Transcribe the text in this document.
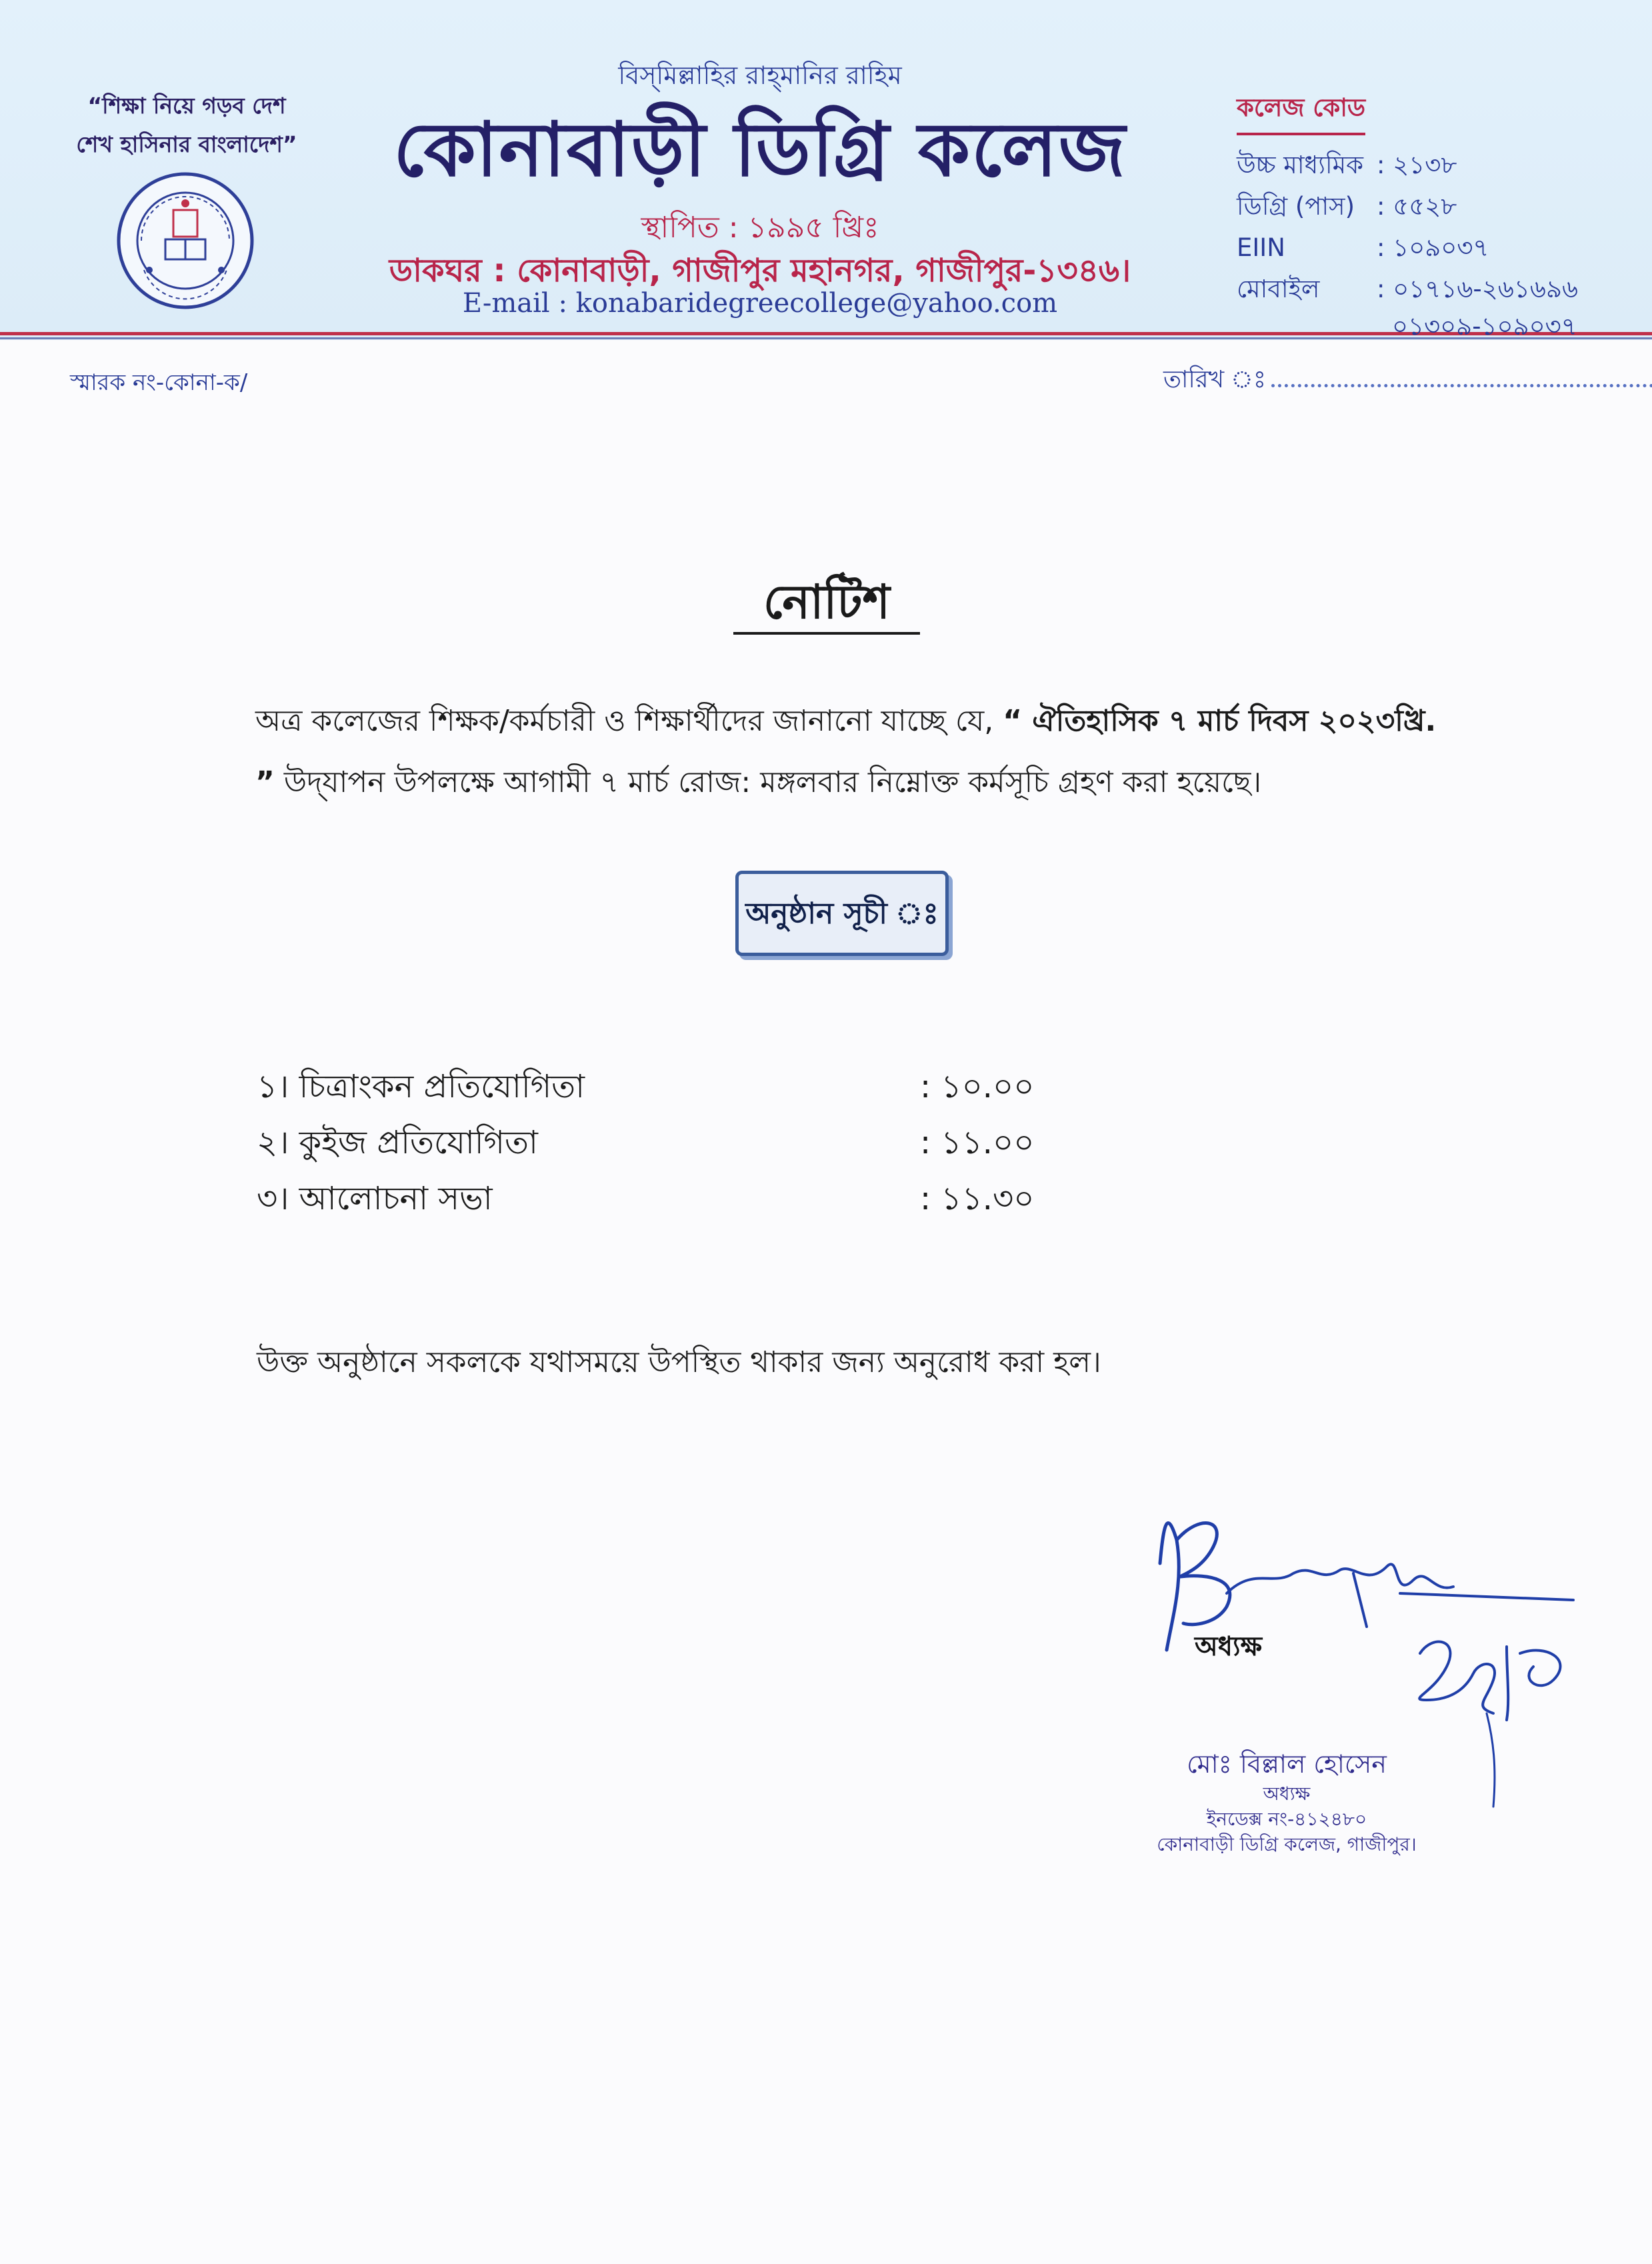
“শিক্ষা নিয়ে গড়ব দেশ
শেখ হাসিনার বাংলাদেশ”
বিস্‌মিল্লাহির রাহ্‌মানির রাহিম
কোনাবাড়ী ডিগ্রি কলেজ
স্থাপিত : ১৯৯৫ খ্রিঃ
ডাকঘর : কোনাবাড়ী, গাজীপুর মহানগর, গাজীপুর-১৩৪৬।
E-mail : konabaridegreecollege@yahoo.com
কলেজ কোড
উচ্চ মাধ্যমিক : ২১৩৮
ডিগ্রি (পাস) : ৫৫২৮
EIIN	: ১০৯০৩৭
মোবাইল	: ০১৭১৬-২৬১৬৯৬
০১৩০৯-১০৯০৩৭
স্মারক নং-কোনা-ক/	তারিখ ঃ
নোটিশ
অত্র কলেজের শিক্ষক/কর্মচারী ও শিক্ষার্থীদের জানানো যাচ্ছে যে, “ ঐতিহাসিক ৭ মার্চ দিবস ২০২৩খ্রি. ” উদ্‌যাপন উপলক্ষে আগামী ৭ মার্চ রোজ: মঙ্গলবার নিম্নোক্ত কর্মসূচি গ্রহণ করা হয়েছে।
অনুষ্ঠান সূচী ঃ
১। চিত্রাংকন প্রতিযোগিতা	: ১০.০০
২। কুইজ প্রতিযোগিতা	: ১১.০০
৩। আলোচনা সভা	: ১১.৩০
উক্ত অনুষ্ঠানে সকলকে যথাসময়ে উপস্থিত থাকার জন্য অনুরোধ করা হল।
অধ্যক্ষ
মোঃ বিল্লাল হোসেন
অধ্যক্ষ
ইনডেক্স নং-৪১২৪৮০
কোনাবাড়ী ডিগ্রি কলেজ, গাজীপুর।
